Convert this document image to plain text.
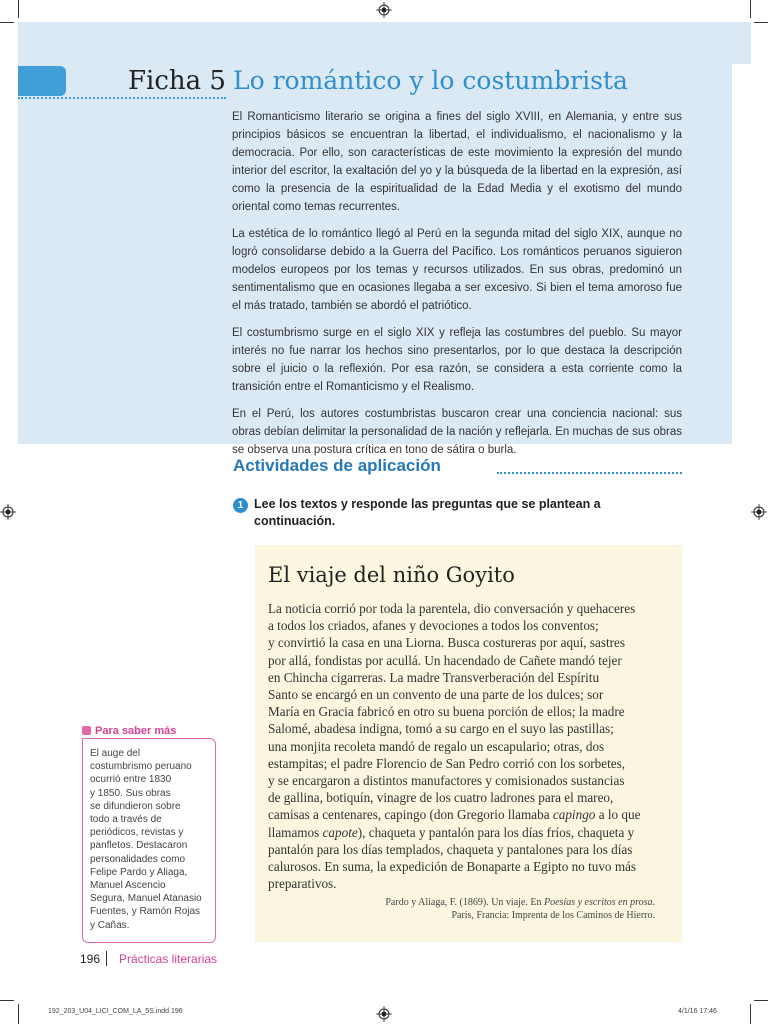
Ficha 5 Lo romántico y lo costumbrista

El Romanticismo literario se origina a fines del siglo XVIII, en Alemania, y entre sus principios básicos se encuentran la libertad, el individualismo, el nacionalismo y la democracia. Por ello, son características de este movimiento la expresión del mundo interior del escritor, la exaltación del yo y la búsqueda de la libertad en la expresión, así como la presencia de la espiritualidad de la Edad Media y el exotismo del mundo oriental como temas recurrentes.

La estética de lo romántico llegó al Perú en la segunda mitad del siglo XIX, aunque no logró consolidarse debido a la Guerra del Pacífico. Los románticos peruanos siguieron modelos europeos por los temas y recursos utilizados. En sus obras, predominó un sentimentalismo que en ocasiones llegaba a ser excesivo. Si bien el tema amoroso fue el más tratado, también se abordó el patriótico.

El costumbrismo surge en el siglo XIX y refleja las costumbres del pueblo. Su mayor interés no fue narrar los hechos sino presentarlos, por lo que destaca la descripción sobre el juicio o la reflexión. Por esa razón, se considera a esta corriente como la transición entre el Romanticismo y el Realismo.

En el Perú, los autores costumbristas buscaron crear una conciencia nacional: sus obras debían delimitar la personalidad de la nación y reflejarla. En muchas de sus obras se observa una postura crítica en tono de sátira o burla.

Actividades de aplicación
1 Lee los textos y responde las preguntas que se plantean a continuación.
El viaje del niño Goyito
La noticia corrió por toda la parentela, dio conversación y quehaceres
a todos los criados, afanes y devociones a todos los conventos;
y convirtió la casa en una Liorna. Busca costureras por aquí, sastres
por allá, fondistas por acullá. Un hacendado de Cañete mandó tejer
en Chincha cigarreras. La madre Transverberación del Espíritu
Santo se encargó en un convento de una parte de los dulces; sor
María en Gracia fabricó en otro su buena porción de ellos; la madre
Salomé, abadesa indigna, tomó a su cargo en el suyo las pastillas;
una monjita recoleta mandó de regalo un escapulario; otras, dos
estampitas; el padre Florencio de San Pedro corrió con los sorbetes,
y se encargaron a distintos manufactores y comisionados sustancias
de gallina, botiquín, vinagre de los cuatro ladrones para el mareo,
camisas a centenares, capingo (don Gregorio llamaba capingo a lo que
llamamos capote), chaqueta y pantalón para los días fríos, chaqueta y
pantalón para los días templados, chaqueta y pantalones para los días
calurosos. En suma, la expedición de Bonaparte a Egipto no tuvo más
preparativos.
Pardo y Aliaga, F. (1869). Un viaje. En Poesías y escritos en prosa.
París, Francia: Imprenta de los Caminos de Hierro.
Para saber más
El auge del
costumbrismo peruano
ocurrió entre 1830
y 1850. Sus obras
se difundieron sobre
todo a través de
periódicos, revistas y
panfletos. Destacaron
personalidades como
Felipe Pardo y Aliaga,
Manuel Ascencio
Segura, Manuel Atanasio
Fuentes, y Ramón Rojas
y Cañas.
196 Prácticas literarias
192_203_U04_LICI_COM_LA_5S.indd 196	4/1/16 17:46
